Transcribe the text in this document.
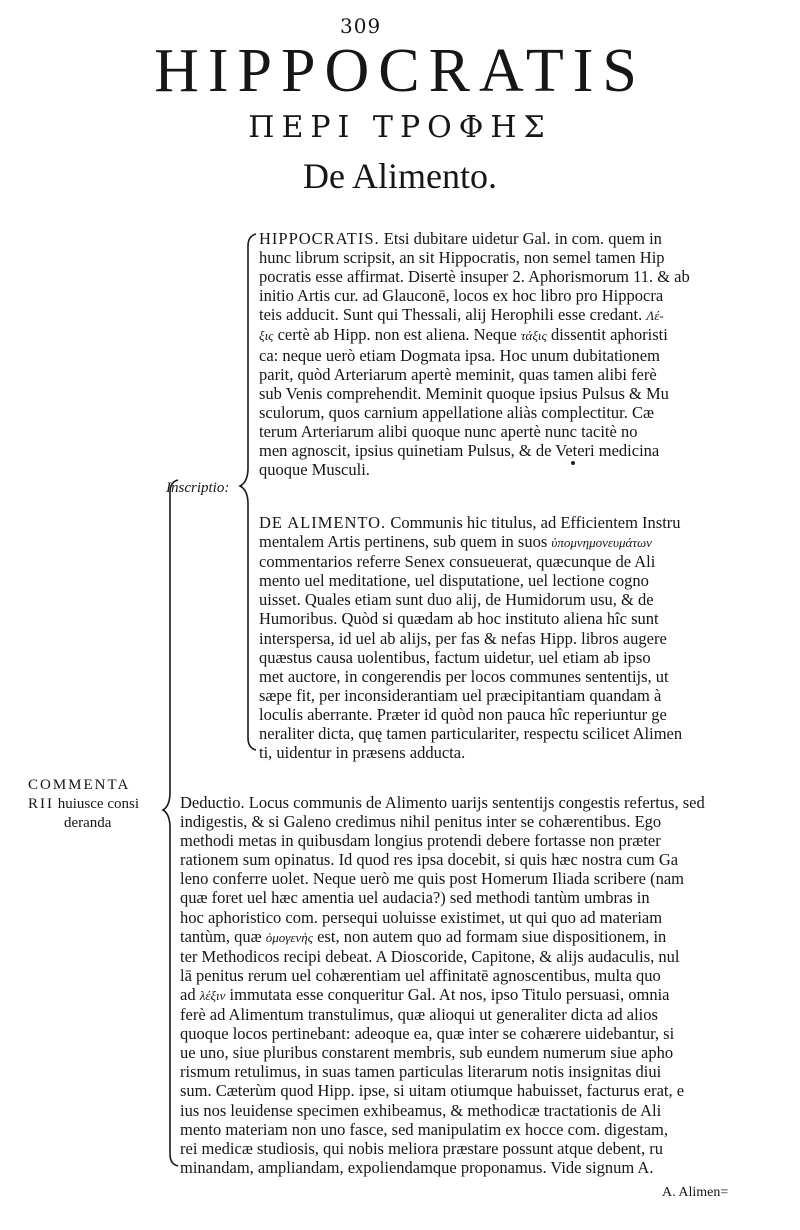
309
HIPPOCRATIS
ΠΕΡΙ ΤΡΟΦΗΣ
De Alimento.
HIPPOCRATIS. Etsi dubitare uidetur Gal. in com. quem in
hunc librum scripsit, an sit Hippocratis, non semel tamen Hip
pocratis esse affirmat. Disertè insuper 2. Aphorismorum 11. & ab
initio Artis cur. ad Glauconē, locos ex hoc libro pro Hippocra
teis adducit. Sunt qui Thessali, alij Herophili esse credant. Λέ-
ξις certè ab Hipp. non est aliena. Neque τάξις dissentit aphoristi
ca: neque uerò etiam Dogmata ipsa. Hoc unum dubitationem
parit, quòd Arteriarum apertè meminit, quas tamen alibi ferè
sub Venis comprehendit. Meminit quoque ipsius Pulsus & Mu
sculorum, quos carnium appellatione aliàs complectitur. Cæ
terum Arteriarum alibi quoque nunc apertè nunc tacitè no
men agnoscit, ipsius quinetiam Pulsus, & de Veteri medicina
quoque Musculi.
DE ALIMENTO. Communis hic titulus, ad Efficientem Instru
mentalem Artis pertinens, sub quem in suos ὑπομνημονευμάτων
commentarios referre Senex consueuerat, quæcunque de Ali
mento uel meditatione, uel disputatione, uel lectione cogno
uisset. Quales etiam sunt duo alij, de Humidorum usu, & de
Humoribus. Quòd si quædam ab hoc instituto aliena hîc sunt
interspersa, id uel ab alijs, per fas & nefas Hipp. libros augere
quæstus causa uolentibus, factum uidetur, uel etiam ab ipso
met auctore, in congerendis per locos communes sententijs, ut
sæpe fit, per inconsiderantiam uel præcipitantiam quandam à
loculis aberrante. Præter id quòd non pauca hîc reperiuntur ge
neraliter dicta, quę tamen particulariter, respectu scilicet Alimen
ti, uidentur in præsens adducta.
Deductio. Locus communis de Alimento uarijs sententijs congestis refertus, sed
indigestis, & si Galeno credimus nihil penitus inter se cohærentibus. Ego
methodi metas in quibusdam longius protendi debere fortasse non præter
rationem sum opinatus. Id quod res ipsa docebit, si quis hæc nostra cum Ga
leno conferre uolet. Neque uerò me quis post Homerum Iliada scribere (nam
quæ foret uel hæc amentia uel audacia?) sed methodi tantùm umbras in
hoc aphoristico com. persequi uoluisse existimet, ut qui quo ad materiam
tantùm, quæ ὁμογενὴς est, non autem quo ad formam siue dispositionem, in
ter Methodicos recipi debeat. A Dioscoride, Capitone, & alijs audaculis, nul
lā penitus rerum uel cohærentiam uel affinitatē agnoscentibus, multa quo
ad λέξιν immutata esse conqueritur Gal. At nos, ipso Titulo persuasi, omnia
ferè ad Alimentum transtulimus, quæ alioqui ut generaliter dicta ad alios
quoque locos pertinebant: adeoque ea, quæ inter se cohærere uidebantur, si
ue uno, siue pluribus constarent membris, sub eundem numerum siue apho
rismum retulimus, in suas tamen particulas literarum notis insignitas diui
sum. Cæterùm quod Hipp. ipse, si uitam otiumque habuisset, facturus erat, e
ius nos leuidense specimen exhibeamus, & methodicæ tractationis de Ali
mento materiam non uno fasce, sed manipulatim ex hocce com. digestam,
rei medicæ studiosis, qui nobis meliora præstare possunt atque debent, ru
minandam, ampliandam, expoliendamque proponamus. Vide signum A.
Inscriptio:
COMMENTA
RII huiusce consi
deranda
A. Alimen=
